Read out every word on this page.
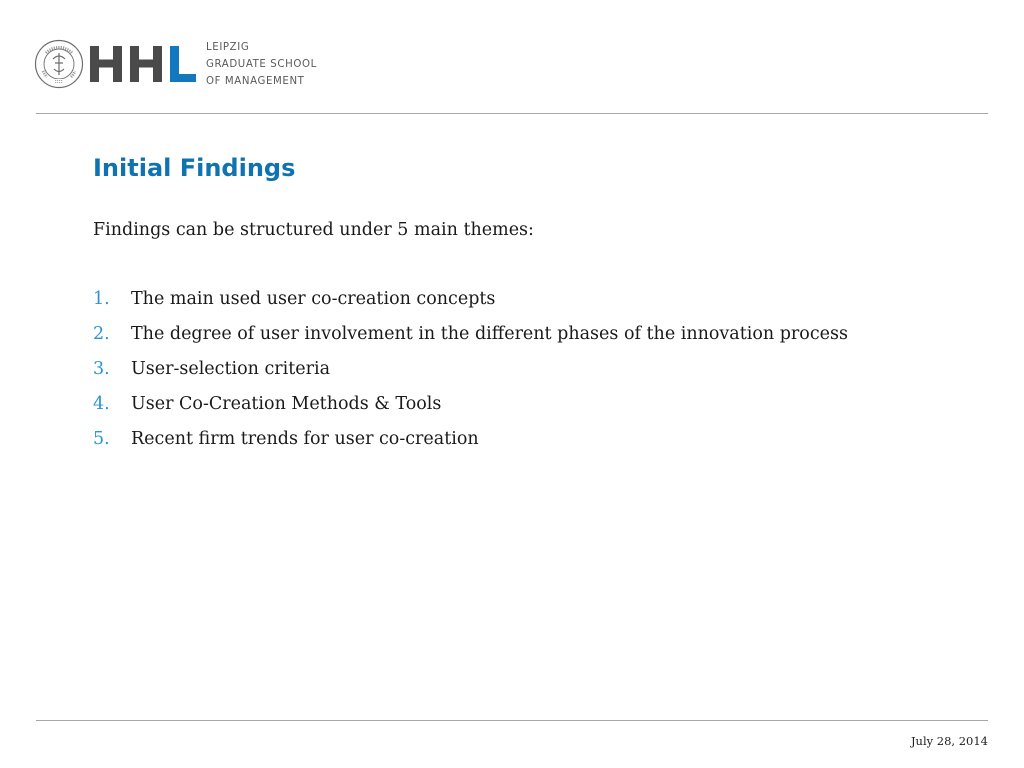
LEIPZIG
GRADUATE SCHOOL
OF MANAGEMENT
Initial Findings

Findings can be structured under 5 main themes:

1.	The main used user co-creation concepts
2.	The degree of user involvement in the different phases of the innovation process
3.	User-selection criteria
4.	User Co-Creation Methods & Tools
5.	Recent firm trends for user co-creation
July 28, 2014
